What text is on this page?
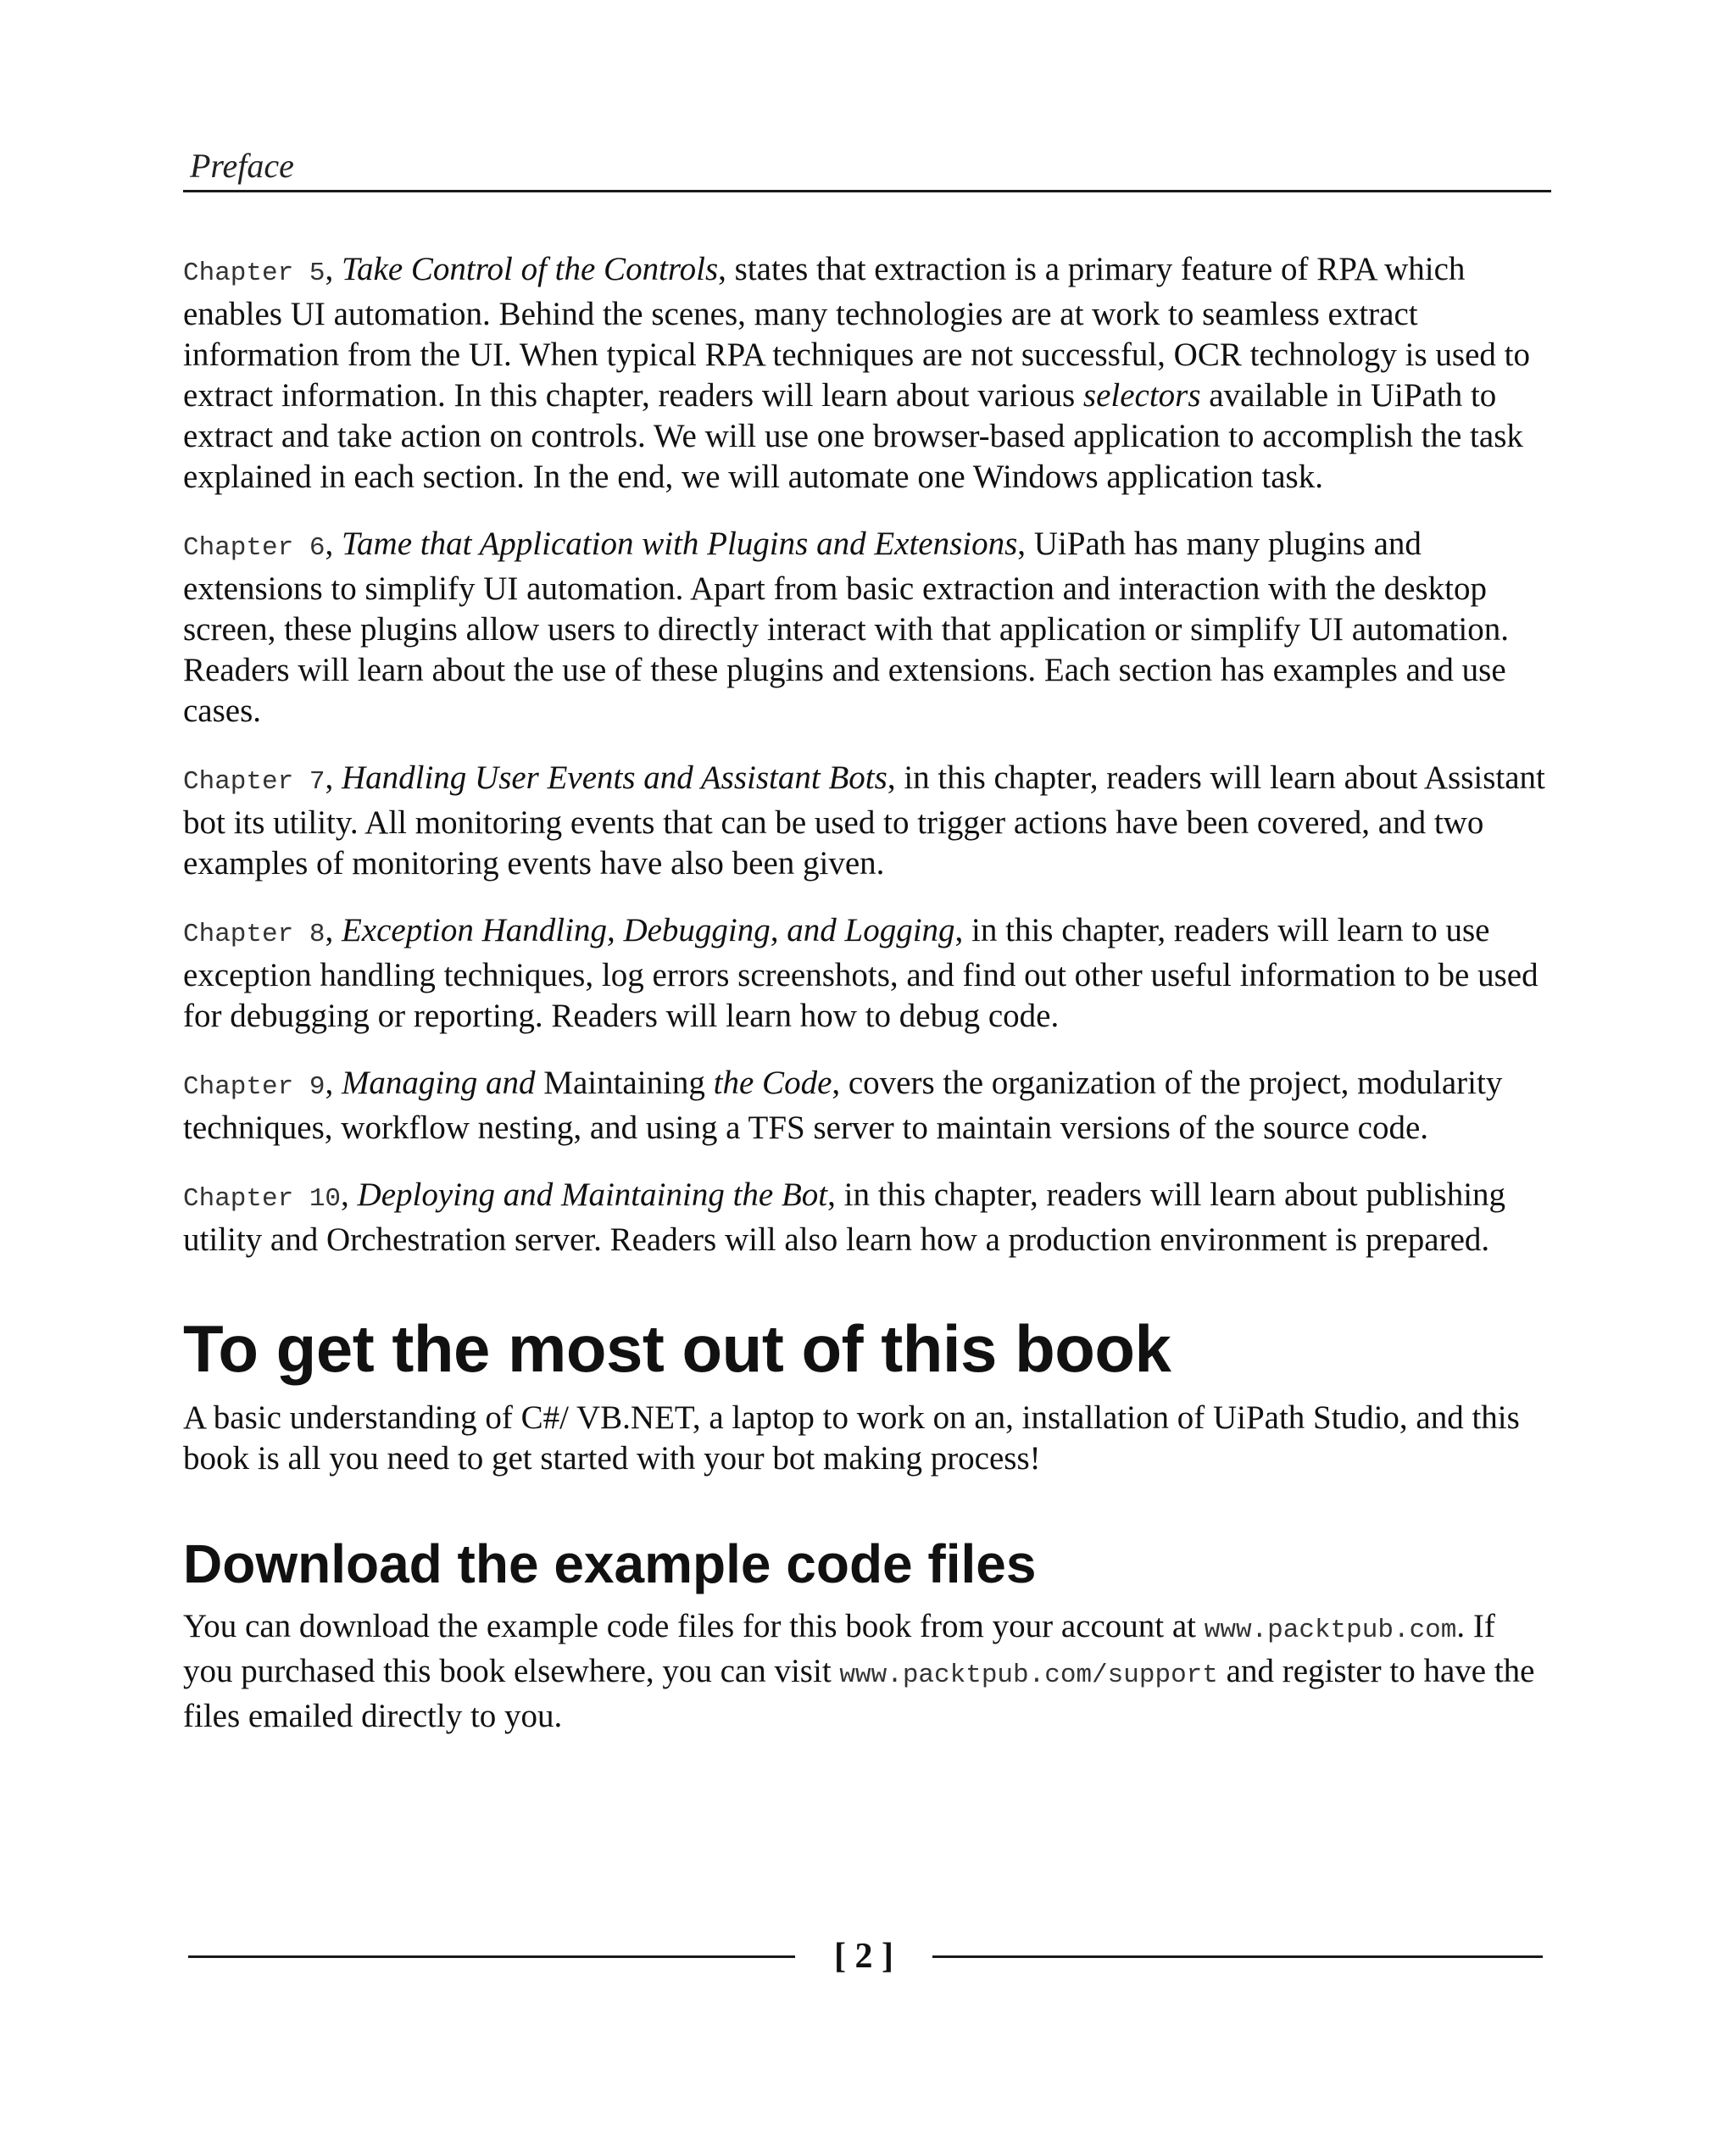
Preface

Chapter 5, Take Control of the Controls, states that extraction is a primary feature of RPA which enables UI automation. Behind the scenes, many technologies are at work to seamless extract information from the UI. When typical RPA techniques are not successful, OCR technology is used to extract information. In this chapter, readers will learn about various selectors available in UiPath to extract and take action on controls. We will use one browser-based application to accomplish the task explained in each section. In the end, we will automate one Windows application task.

Chapter 6, Tame that Application with Plugins and Extensions, UiPath has many plugins and extensions to simplify UI automation. Apart from basic extraction and interaction with the desktop screen, these plugins allow users to directly interact with that application or simplify UI automation. Readers will learn about the use of these plugins and extensions. Each section has examples and use cases.

Chapter 7, Handling User Events and Assistant Bots, in this chapter, readers will learn about Assistant bot its utility. All monitoring events that can be used to trigger actions have been covered, and two examples of monitoring events have also been given.

Chapter 8, Exception Handling, Debugging, and Logging, in this chapter, readers will learn to use exception handling techniques, log errors screenshots, and find out other useful information to be used for debugging or reporting. Readers will learn how to debug code.

Chapter 9, Managing and Maintaining the Code, covers the organization of the project, modularity techniques, workflow nesting, and using a TFS server to maintain versions of the source code.

Chapter 10, Deploying and Maintaining the Bot, in this chapter, readers will learn about publishing utility and Orchestration server. Readers will also learn how a production environment is prepared.

To get the most out of this book

A basic understanding of C#/ VB.NET, a laptop to work on an, installation of UiPath Studio, and this book is all you need to get started with your bot making process!

Download the example code files

You can download the example code files for this book from your account at www.packtpub.com. If you purchased this book elsewhere, you can visit www.packtpub.com/support and register to have the files emailed directly to you.

[ 2 ]
